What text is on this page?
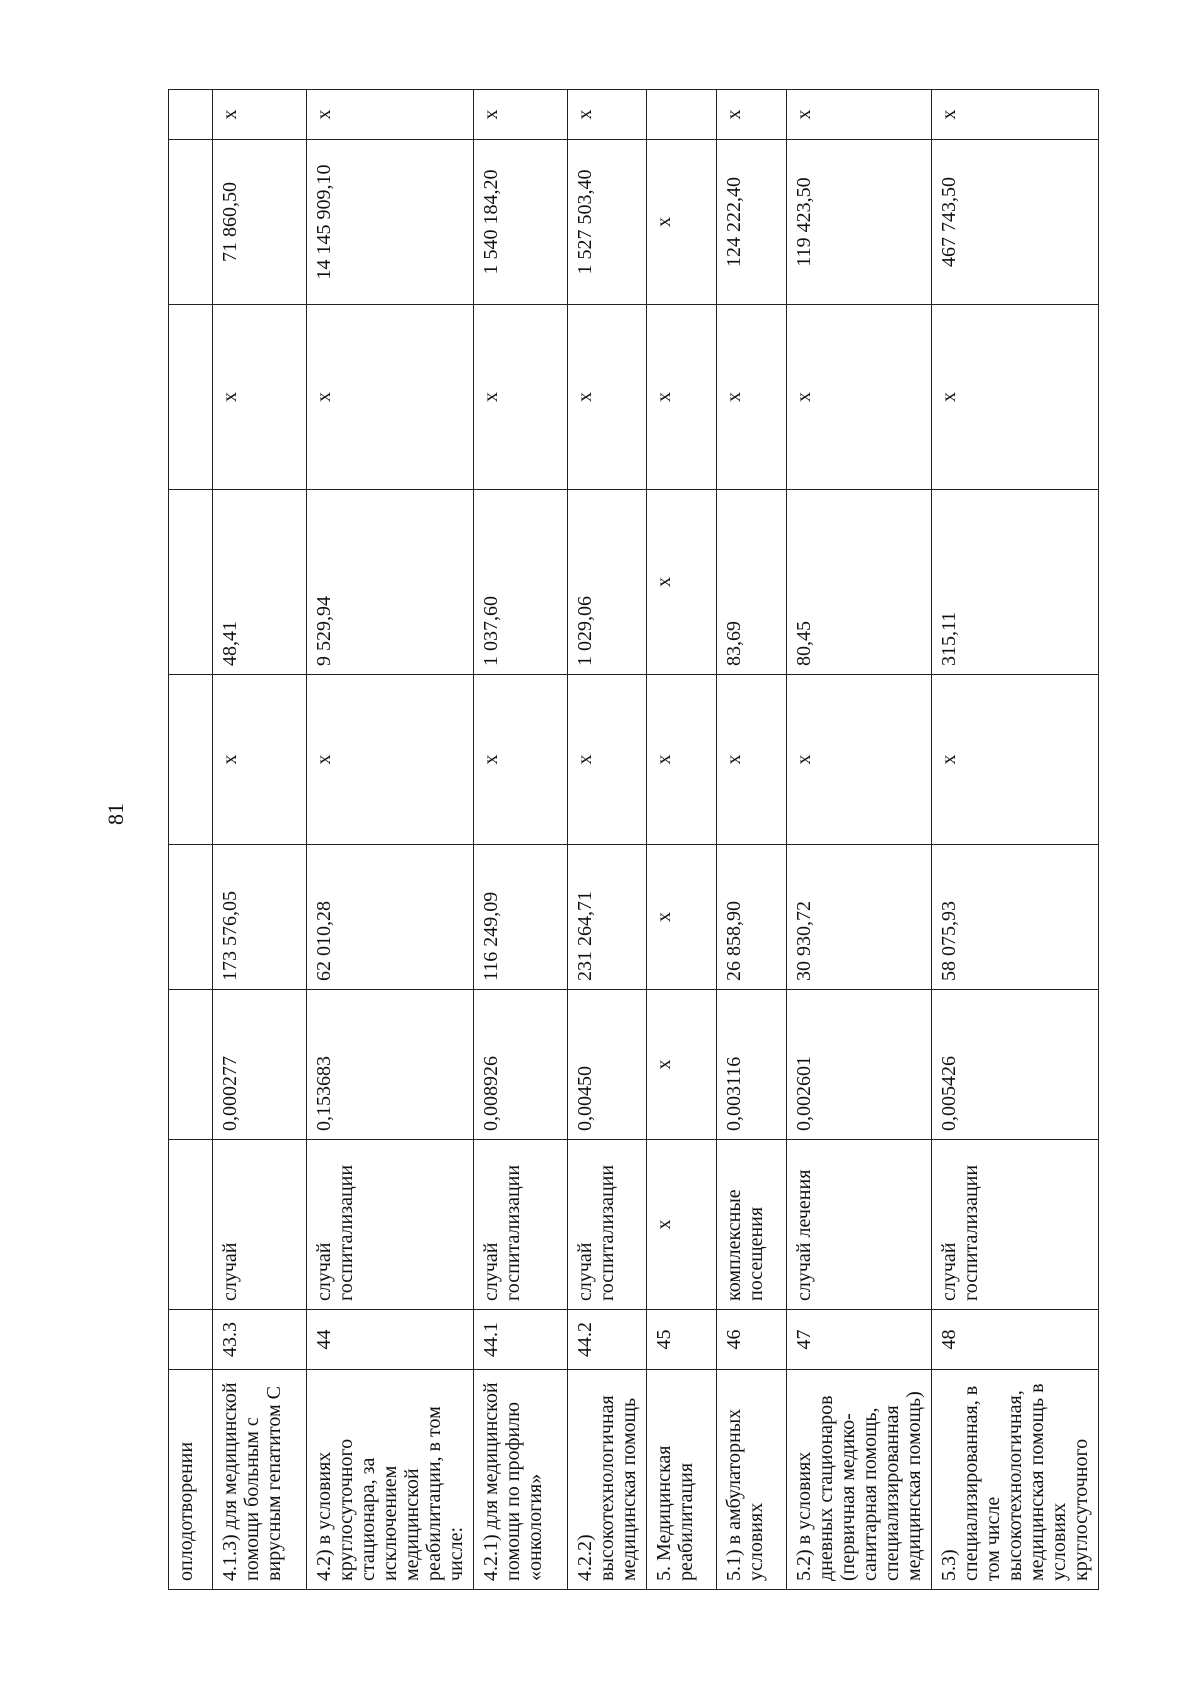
81
оплодотворении									
4.1.3) для медицинской помощи больным с вирусным гепатитом С	43.3	случай	0,000277	173 576,05	х	48,41	х	71 860,50	х
4.2) в условиях круглосуточного стационара, за исключением медицинской реабилитации, в том числе:	44	случай госпитализации	0,153683	62 010,28	х	9 529,94	х	14 145 909,10	х
4.2.1) для медицинской помощи по профилю «онкология»	44.1	случай госпитализации	0,008926	116 249,09	х	1 037,60	х	1 540 184,20	х
4.2.2) высокотехнологичная медицинская помощь	44.2	случай госпитализации	0,00450	231 264,71	х	1 029,06	х	1 527 503,40	х
5. Медицинская реабилитация	45	х	х	х	х	х	х	х	
5.1) в амбулаторных условиях	46	комплексные посещения	0,003116	26 858,90	х	83,69	х	124 222,40	х
5.2) в условиях дневных стационаров (первичная медико-санитарная помощь, специализированная медицинская помощь)	47	случай лечения	0,002601	30 930,72	х	80,45	х	119 423,50	х
5.3) специализированная, в том числе высокотехнологичная, медицинская помощь в условиях круглосуточного	48	случай госпитализации	0,005426	58 075,93	х	315,11	х	467 743,50	х
